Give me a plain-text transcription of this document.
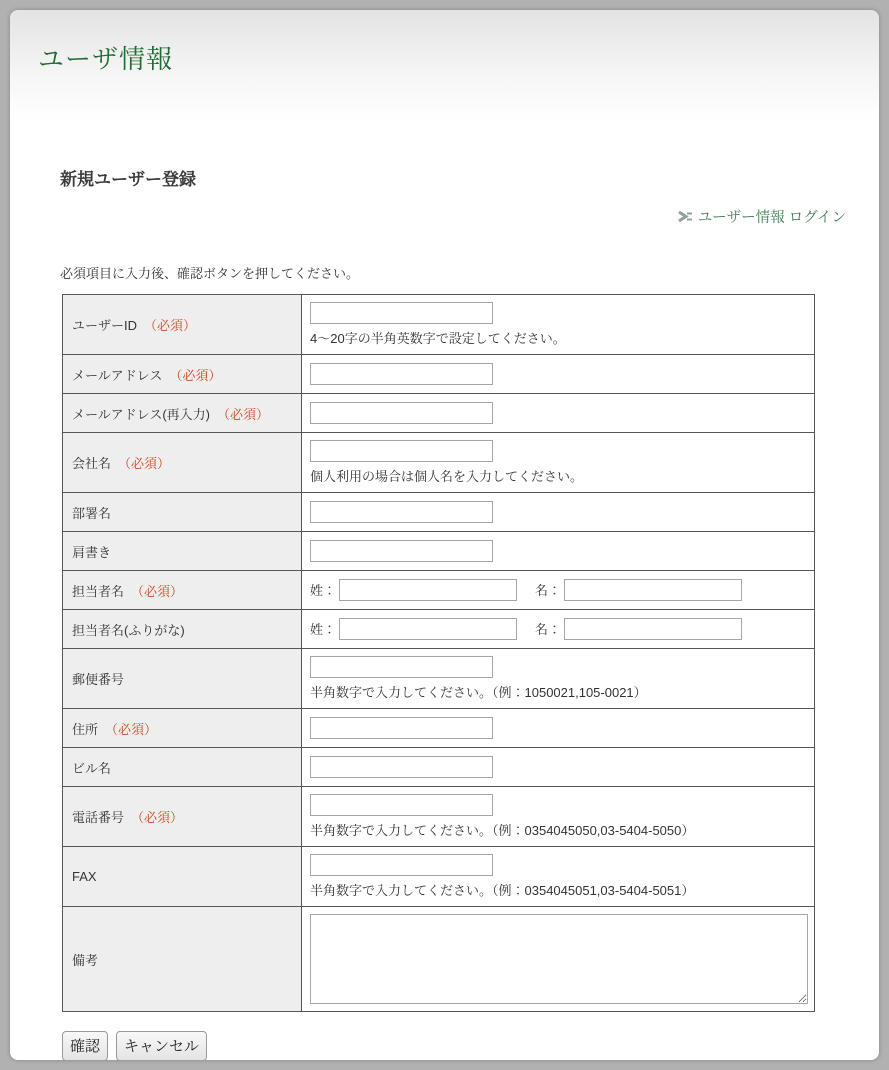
ユーザ情報
新規ユーザー登録
ユーザー情報 ログイン

必須項目に入力後、確認ボタンを押してください。

ユーザーID （必須）	4〜20字の半角英数字で設定してください。

メールアドレス （必須）	
メールアドレス(再入力) （必須）	
会社名 （必須）	個人利用の場合は個人名を入力してください。

部署名	
肩書き	
担当者名 （必須）	姓： 名：
担当者名(ふりがな)	姓： 名：
郵便番号	半角数字で入力してください。（例：1050021,105-0021）

住所 （必須）	
ビル名	
電話番号 （必須）	半角数字で入力してください。（例：0354045050,03-5404-5050）

FAX	半角数字で入力してください。（例：0354045051,03-5404-5051）

備考	
確認	キャンセル
